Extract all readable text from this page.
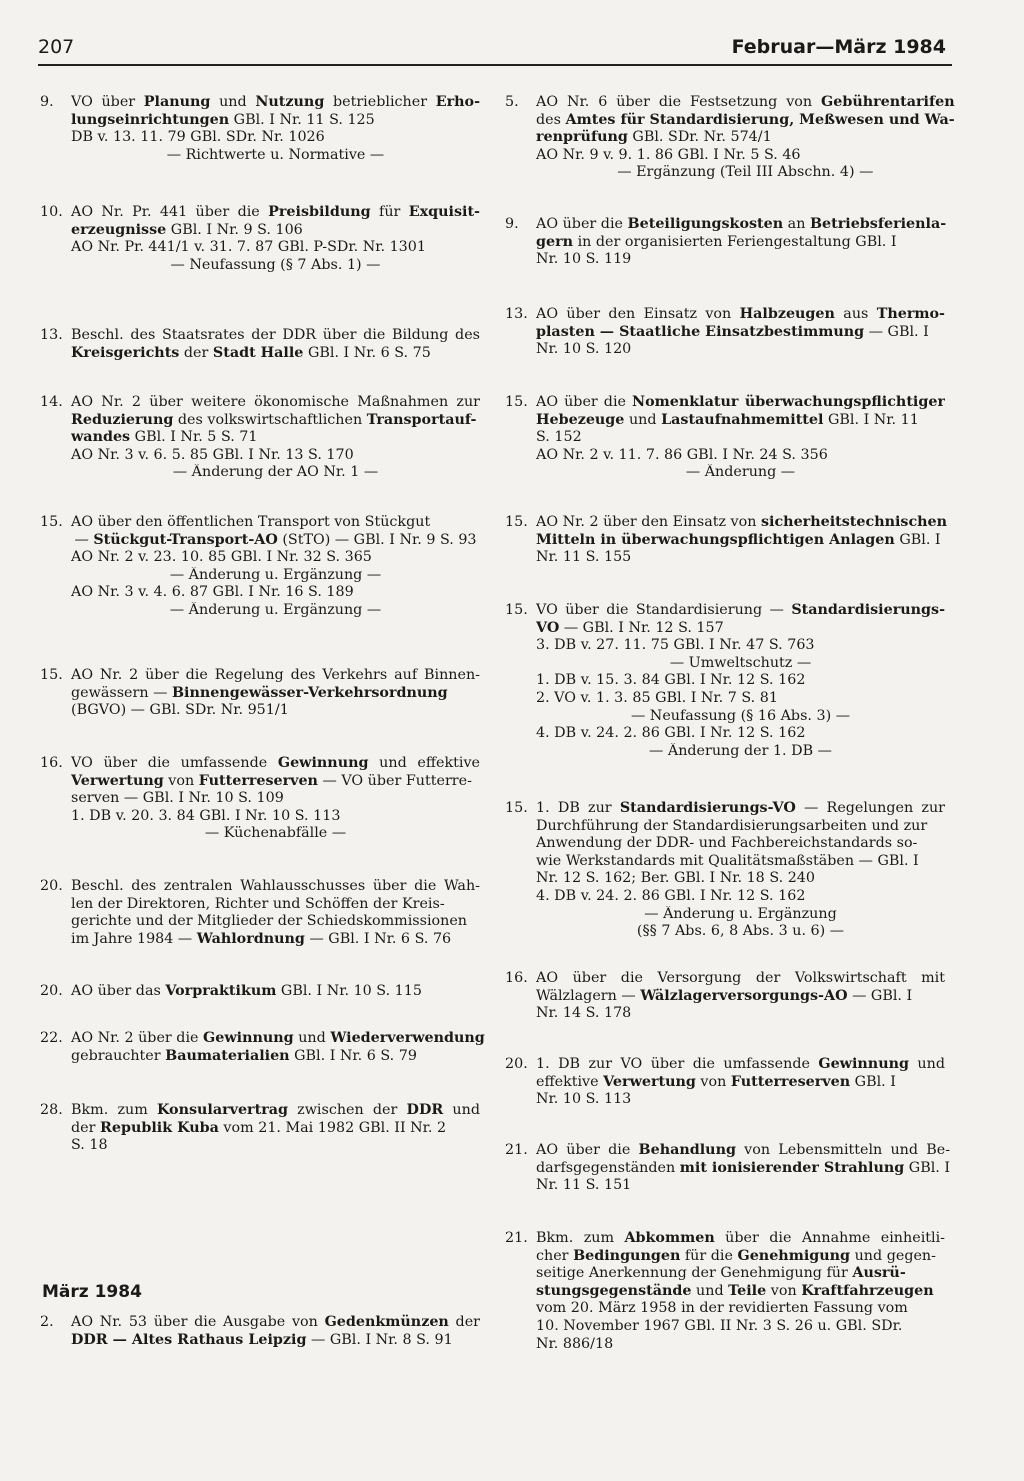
207	Februar—März 1984
9.	VO über Planung und Nutzung betrieblicher Erho-
lungseinrichtungen GBl. I Nr. 11 S. 125
DB v. 13. 11. 79 GBl. SDr. Nr. 1026
— Richtwerte u. Normative —
10. AO Nr. Pr. 441 über die Preisbildung für Exquisit-
erzeugnisse GBl. I Nr. 9 S. 106
AO Nr. Pr. 441/1 v. 31. 7. 87 GBl. P-SDr. Nr. 1301
— Neufassung (§ 7 Abs. 1) —
13. Beschl. des Staatsrates der DDR über die Bildung des
Kreisgerichts der Stadt Halle GBl. I Nr. 6 S. 75
14. AO Nr. 2 über weitere ökonomische Maßnahmen zur
Reduzierung des volkswirtschaftlichen Transportauf-
wandes GBl. I Nr. 5 S. 71
AO Nr. 3 v. 6. 5. 85 GBl. I Nr. 13 S. 170
— Änderung der AO Nr. 1 —
15. AO über den öffentlichen Transport von Stückgut
— Stückgut-Transport-AO (StTO) — GBl. I Nr. 9 S. 93
AO Nr. 2 v. 23. 10. 85 GBl. I Nr. 32 S. 365
— Änderung u. Ergänzung —
AO Nr. 3 v. 4. 6. 87 GBl. I Nr. 16 S. 189
— Änderung u. Ergänzung —
15. AO Nr. 2 über die Regelung des Verkehrs auf Binnen-
gewässern — Binnengewässer-Verkehrsordnung
(BGVO) — GBl. SDr. Nr. 951/1
16. VO über die umfassende Gewinnung und effektive
Verwertung von Futterreserven — VO über Futterre-
serven — GBl. I Nr. 10 S. 109
1. DB v. 20. 3. 84 GBl. I Nr. 10 S. 113
— Küchenabfälle —
20. Beschl. des zentralen Wahlausschusses über die Wah-
len der Direktoren, Richter und Schöffen der Kreis-
gerichte und der Mitglieder der Schiedskommissionen
im Jahre 1984 — Wahlordnung — GBl. I Nr. 6 S. 76
20. AO über das Vorpraktikum GBl. I Nr. 10 S. 115
22. AO Nr. 2 über die Gewinnung und Wiederverwendung
gebrauchter Baumaterialien GBl. I Nr. 6 S. 79
28. Bkm. zum Konsularvertrag zwischen der DDR und
der Republik Kuba vom 21. Mai 1982 GBl. II Nr. 2
S. 18
2.	AO Nr. 53 über die Ausgabe von Gedenkmünzen der
DDR — Altes Rathaus Leipzig — GBl. I Nr. 8 S. 91
5.	AO Nr. 6 über die Festsetzung von Gebührentarifen
des Amtes für Standardisierung, Meßwesen und Wa-
renprüfung GBl. SDr. Nr. 574/1
AO Nr. 9 v. 9. 1. 86 GBl. I Nr. 5 S. 46
— Ergänzung (Teil III Abschn. 4) —
9.	AO über die Beteiligungskosten an Betriebsferienla-
gern in der organisierten Feriengestaltung GBl. I
Nr. 10 S. 119
13. AO über den Einsatz von Halbzeugen aus Thermo-
plasten — Staatliche Einsatzbestimmung — GBl. I
Nr. 10 S. 120
15. AO über die Nomenklatur überwachungspflichtiger
Hebezeuge und Lastaufnahmemittel GBl. I Nr. 11
S. 152
AO Nr. 2 v. 11. 7. 86 GBl. I Nr. 24 S. 356
— Änderung —
15. AO Nr. 2 über den Einsatz von sicherheitstechnischen
Mitteln in überwachungspflichtigen Anlagen GBl. I
Nr. 11 S. 155
15. VO über die Standardisierung — Standardisierungs-
VO — GBl. I Nr. 12 S. 157
3. DB v. 27. 11. 75 GBl. I Nr. 47 S. 763
— Umweltschutz —
1. DB v. 15. 3. 84 GBl. I Nr. 12 S. 162
2. VO v. 1. 3. 85 GBl. I Nr. 7 S. 81
— Neufassung (§ 16 Abs. 3) —
4. DB v. 24. 2. 86 GBl. I Nr. 12 S. 162
— Änderung der 1. DB —
15. 1. DB zur Standardisierungs-VO — Regelungen zur
Durchführung der Standardisierungsarbeiten und zur
Anwendung der DDR- und Fachbereichstandards so-
wie Werkstandards mit Qualitätsmaßstäben — GBl. I
Nr. 12 S. 162; Ber. GBl. I Nr. 18 S. 240
4. DB v. 24. 2. 86 GBl. I Nr. 12 S. 162
— Änderung u. Ergänzung
(§§ 7 Abs. 6, 8 Abs. 3 u. 6) —
16. AO über die Versorgung der Volkswirtschaft mit
Wälzlagern — Wälzlagerversorgungs-AO — GBl. I
Nr. 14 S. 178
20. 1. DB zur VO über die umfassende Gewinnung und
effektive Verwertung von Futterreserven GBl. I
Nr. 10 S. 113
21. AO über die Behandlung von Lebensmitteln und Be-
darfsgegenständen mit ionisierender Strahlung GBl. I
Nr. 11 S. 151
21. Bkm. zum Abkommen über die Annahme einheitli-
cher Bedingungen für die Genehmigung und gegen-
seitige Anerkennung der Genehmigung für Ausrü-
stungsgegenstände und Teile von Kraftfahrzeugen
vom 20. März 1958 in der revidierten Fassung vom
10. November 1967 GBl. II Nr. 3 S. 26 u. GBl. SDr.
Nr. 886/18
März 1984
